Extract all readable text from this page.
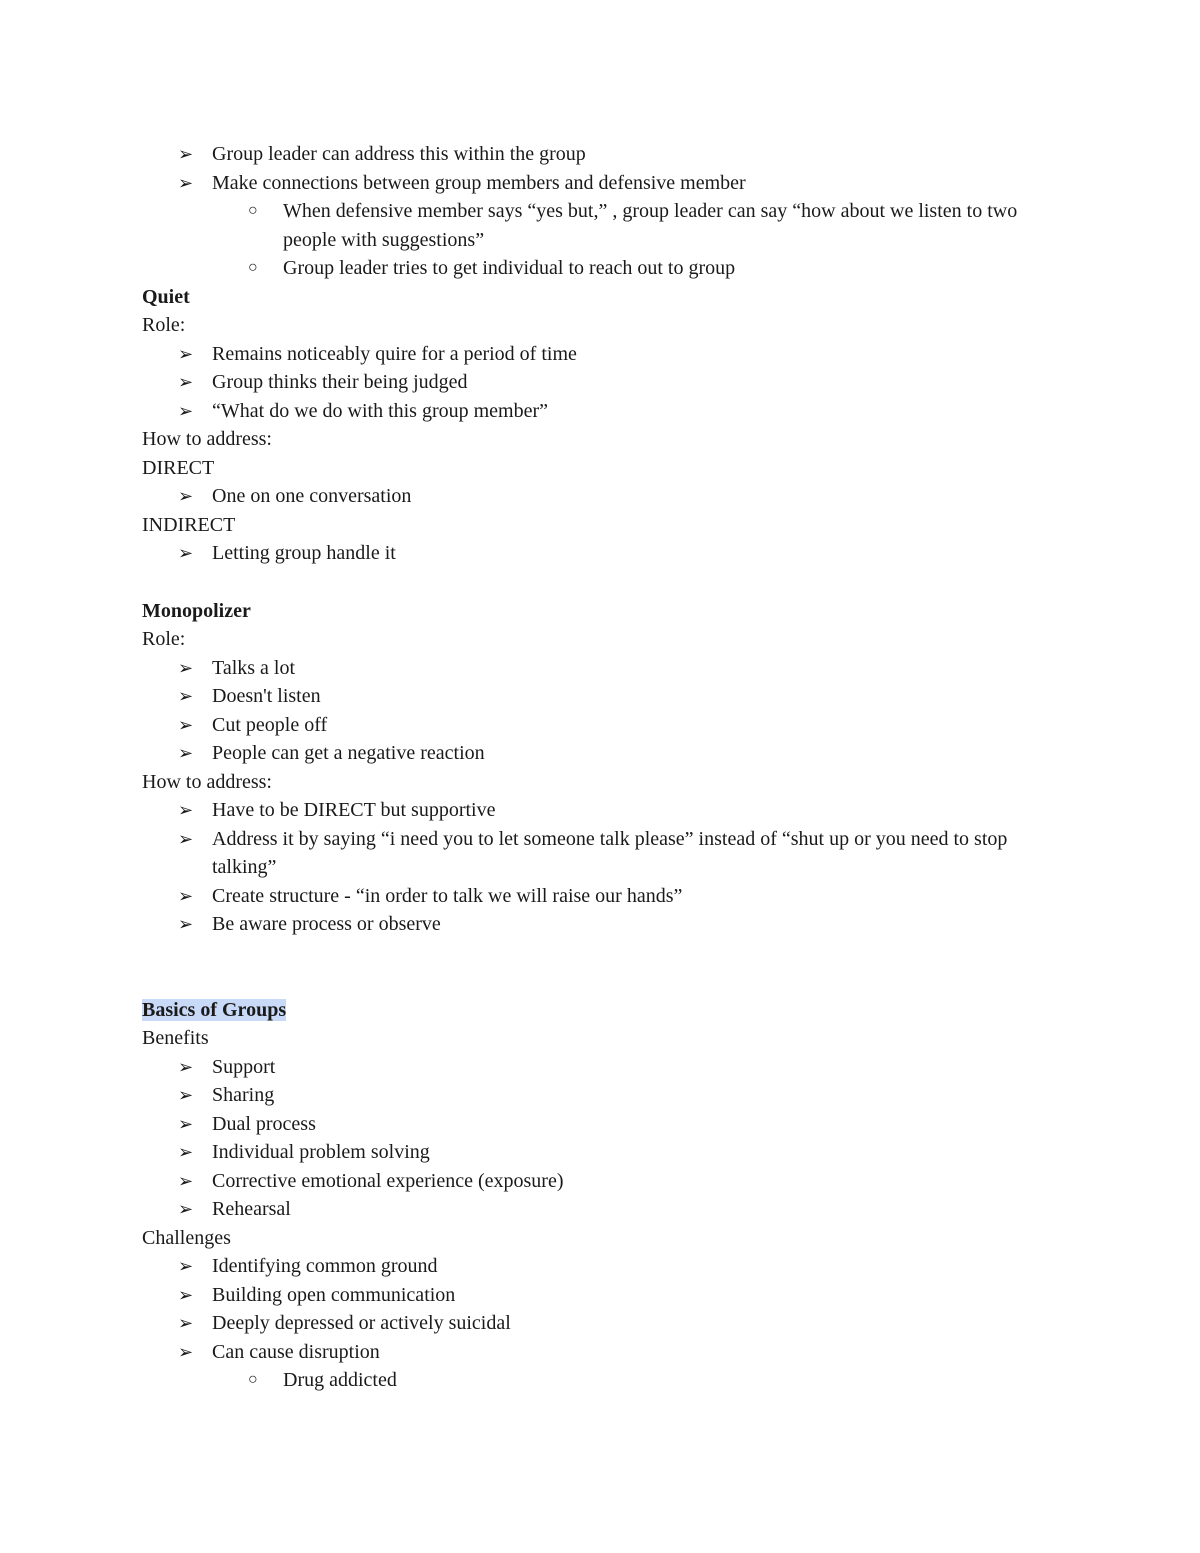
➢ Group leader can address this within the group
➢ Make connections between group members and defensive member
○ When defensive member says “yes but,” , group leader can say “how about we listen to two people with suggestions”
○ Group leader tries to get individual to reach out to group
Quiet
Role:
➢ Remains noticeably quire for a period of time
➢ Group thinks their being judged
➢ “What do we do with this group member”
How to address:
DIRECT
➢ One on one conversation
INDIRECT
➢ Letting group handle it
Monopolizer
Role:
➢ Talks a lot
➢ Doesn't listen
➢ Cut people off
➢ People can get a negative reaction
How to address:
➢ Have to be DIRECT but supportive
➢ Address it by saying “i need you to let someone talk please” instead of “shut up or you need to stop talking”
➢ Create structure - “in order to talk we will raise our hands”
➢ Be aware process or observe
Basics of Groups
Benefits
➢ Support
➢ Sharing
➢ Dual process
➢ Individual problem solving
➢ Corrective emotional experience (exposure)
➢ Rehearsal
Challenges
➢ Identifying common ground
➢ Building open communication
➢ Deeply depressed or actively suicidal
➢ Can cause disruption
○ Drug addicted
